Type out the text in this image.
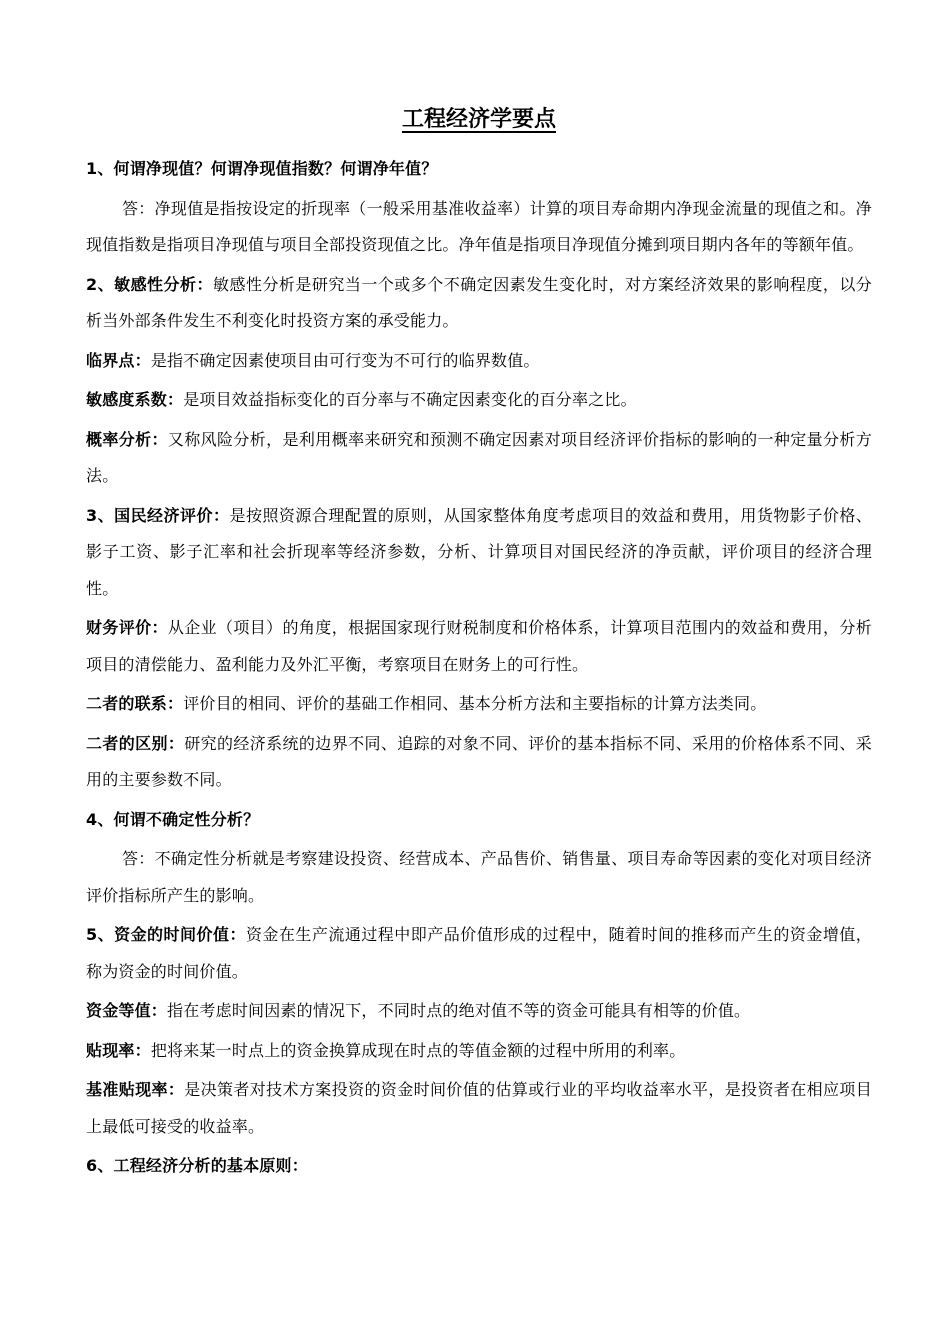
工程经济学要点
1、何谓净现值？何谓净现值指数？何谓净年值？
答：净现值是指按设定的折现率（一般采用基准收益率）计算的项目寿命期内净现金流量的现值之和。净现值指数是指项目净现值与项目全部投资现值之比。净年值是指项目净现值分摊到项目期内各年的等额年值。
2、敏感性分析：敏感性分析是研究当一个或多个不确定因素发生变化时，对方案经济效果的影响程度，以分析当外部条件发生不利变化时投资方案的承受能力。
临界点：是指不确定因素使项目由可行变为不可行的临界数值。
敏感度系数：是项目效益指标变化的百分率与不确定因素变化的百分率之比。
概率分析：又称风险分析，是利用概率来研究和预测不确定因素对项目经济评价指标的影响的一种定量分析方法。
3、国民经济评价：是按照资源合理配置的原则，从国家整体角度考虑项目的效益和费用，用货物影子价格、影子工资、影子汇率和社会折现率等经济参数，分析、计算项目对国民经济的净贡献，评价项目的经济合理性。
财务评价：从企业（项目）的角度，根据国家现行财税制度和价格体系，计算项目范围内的效益和费用，分析项目的清偿能力、盈利能力及外汇平衡，考察项目在财务上的可行性。
二者的联系：评价目的相同、评价的基础工作相同、基本分析方法和主要指标的计算方法类同。
二者的区别：研究的经济系统的边界不同、追踪的对象不同、评价的基本指标不同、采用的价格体系不同、采用的主要参数不同。
4、何谓不确定性分析？
答：不确定性分析就是考察建设投资、经营成本、产品售价、销售量、项目寿命等因素的变化对项目经济评价指标所产生的影响。
5、资金的时间价值：资金在生产流通过程中即产品价值形成的过程中，随着时间的推移而产生的资金增值，称为资金的时间价值。
资金等值：指在考虑时间因素的情况下，不同时点的绝对值不等的资金可能具有相等的价值。
贴现率：把将来某一时点上的资金换算成现在时点的等值金额的过程中所用的利率。
基准贴现率：是决策者对技术方案投资的资金时间价值的估算或行业的平均收益率水平，是投资者在相应项目上最低可接受的收益率。
6、工程经济分析的基本原则：
